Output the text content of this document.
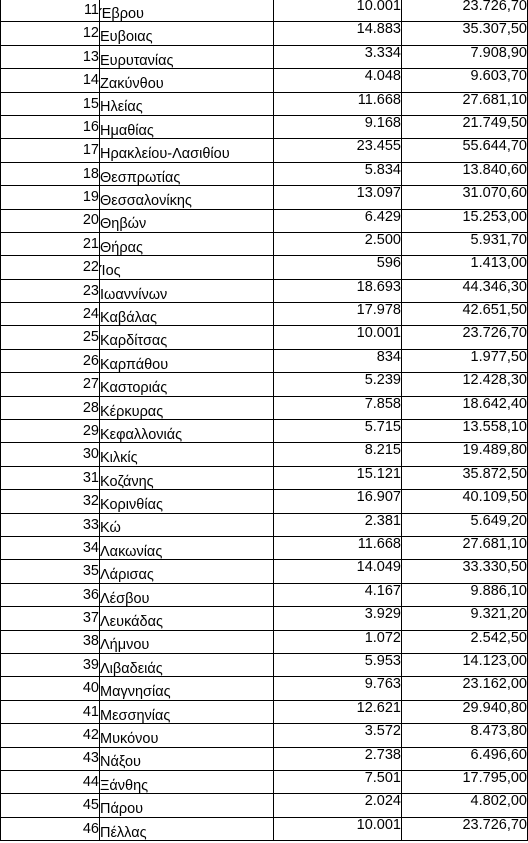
11	Έβρου	10.001	23.726,70
12	Ευβοιας	14.883	35.307,50
13	Ευρυτανίας	3.334	7.908,90
14	Ζακύνθου	4.048	9.603,70
15	Ηλείας	11.668	27.681,10
16	Ημαθίας	9.168	21.749,50
17	Ηρακλείου-Λασιθίου	23.455	55.644,70
18	Θεσπρωτίας	5.834	13.840,60
19	Θεσσαλονίκης	13.097	31.070,60
20	Θηβών	6.429	15.253,00
21	Θήρας	2.500	5.931,70
22	Ίος	596	1.413,00
23	Ιωαννίνων	18.693	44.346,30
24	Καβάλας	17.978	42.651,50
25	Καρδίτσας	10.001	23.726,70
26	Καρπάθου	834	1.977,50
27	Καστοριάς	5.239	12.428,30
28	Κέρκυρας	7.858	18.642,40
29	Κεφαλλονιάς	5.715	13.558,10
30	Κιλκίς	8.215	19.489,80
31	Κοζάνης	15.121	35.872,50
32	Κορινθίας	16.907	40.109,50
33	Κώ	2.381	5.649,20
34	Λακωνίας	11.668	27.681,10
35	Λάρισας	14.049	33.330,50
36	Λέσβου	4.167	9.886,10
37	Λευκάδας	3.929	9.321,20
38	Λήμνου	1.072	2.542,50
39	Λιβαδειάς	5.953	14.123,00
40	Μαγνησίας	9.763	23.162,00
41	Μεσσηνίας	12.621	29.940,80
42	Μυκόνου	3.572	8.473,80
43	Νάξου	2.738	6.496,60
44	Ξάνθης	7.501	17.795,00
45	Πάρου	2.024	4.802,00
46	Πέλλας	10.001	23.726,70
